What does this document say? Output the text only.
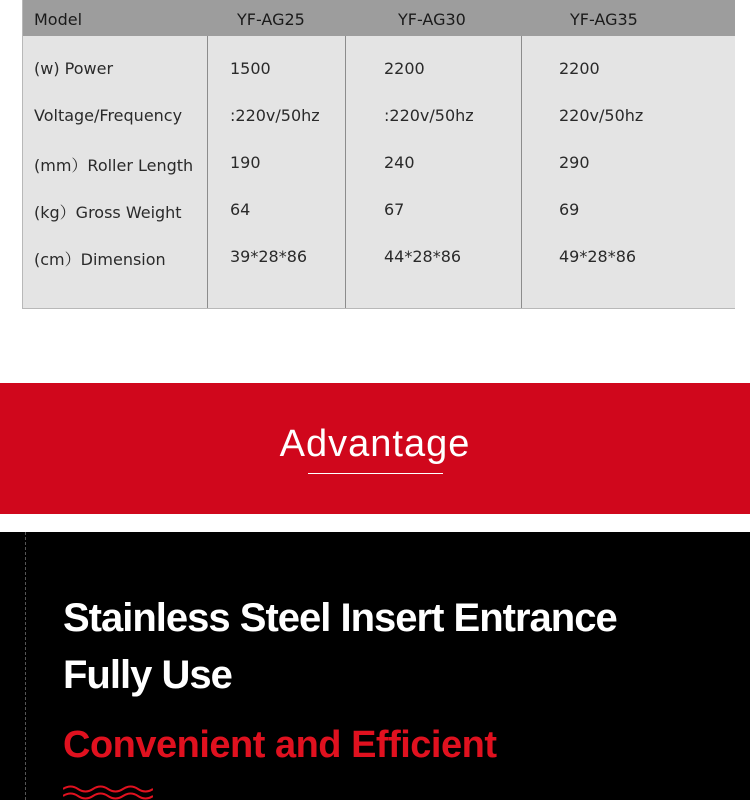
Model	YF-AG25	YF-AG30	YF-AG35
(w) Power	1500	2200	2200
Voltage/Frequency	:220v/50hz	:220v/50hz	220v/50hz
(mm）Roller Length 190	240	290
(kg）Gross Weight	64	67	69
(cm）Dimension	39*28*86	44*28*86	49*28*86
Advantage
Stainless Steel Insert Entrance
Fully Use
Convenient and Efficient
